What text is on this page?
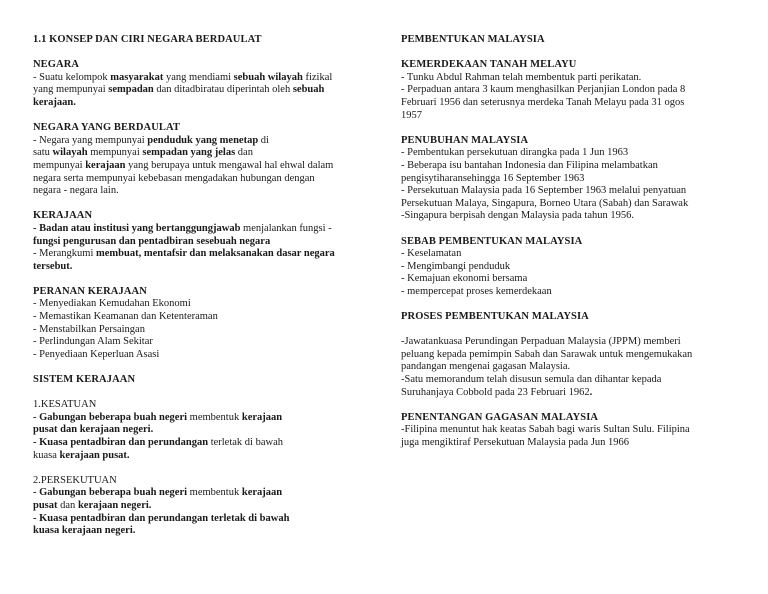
1.1 KONSEP DAN CIRI NEGARA BERDAULAT
NEGARA
- Suatu kelompok masyarakat yang mendiami sebuah wilayah fizikal
yang mempunyai sempadan dan ditadbiratau diperintah oleh sebuah
kerajaan.
NEGARA YANG BERDAULAT
- Negara yang mempunyai penduduk yang menetap di
satu wilayah mempunyai sempadan yang jelas dan
mempunyai kerajaan yang berupaya untuk mengawal hal ehwal dalam
negara serta mempunyai kebebasan mengadakan hubungan dengan
negara - negara lain.
KERAJAAN
- Badan atau institusi yang bertanggungjawab menjalankan fungsi -
fungsi pengurusan dan pentadbiran sesebuah negara
- Merangkumi membuat, mentafsir dan melaksanakan dasar negara
tersebut.
PERANAN KERAJAAN
- Menyediakan Kemudahan Ekonomi
- Memastikan Keamanan dan Ketenteraman
- Menstabilkan Persaingan
- Perlindungan Alam Sekitar
- Penyediaan Keperluan Asasi
SISTEM KERAJAAN
1.KESATUAN
- Gabungan beberapa buah negeri membentuk kerajaan
pusat dan kerajaan negeri.
- Kuasa pentadbiran dan perundangan terletak di bawah
kuasa kerajaan pusat.
2.PERSEKUTUAN
- Gabungan beberapa buah negeri membentuk kerajaan
pusat dan kerajaan negeri.
- Kuasa pentadbiran dan perundangan terletak di bawah
kuasa kerajaan negeri.
PEMBENTUKAN MALAYSIA
KEMERDEKAAN TANAH MELAYU
- Tunku Abdul Rahman telah membentuk parti perikatan.
- Perpaduan antara 3 kaum menghasilkan Perjanjian London pada 8
Februari 1956 dan seterusnya merdeka Tanah Melayu pada 31 ogos
1957
PENUBUHAN MALAYSIA
- Pembentukan persekutuan dirangka pada 1 Jun 1963
- Beberapa isu bantahan Indonesia dan Filipina melambatkan
pengisytiharansehingga 16 September 1963
- Persekutuan Malaysia pada 16 September 1963 melalui penyatuan
Persekutuan Malaya, Singapura, Borneo Utara (Sabah) dan Sarawak
-Singapura berpisah dengan Malaysia pada tahun 1956.
SEBAB PEMBENTUKAN MALAYSIA
- Keselamatan
- Mengimbangi penduduk
- Kemajuan ekonomi bersama
- mempercepat proses kemerdekaan
PROSES PEMBENTUKAN MALAYSIA
-Jawatankuasa Perundingan Perpaduan Malaysia (JPPM) memberi
peluang kepada pemimpin Sabah dan Sarawak untuk mengemukakan
pandangan mengenai gagasan Malaysia.
-Satu memorandum telah disusun semula dan dihantar kepada
Suruhanjaya Cobbold pada 23 Februari 1962.
PENENTANGAN GAGASAN MALAYSIA
-Filipina menuntut hak keatas Sabah bagi waris Sultan Sulu. Filipina
juga mengiktiraf Persekutuan Malaysia pada Jun 1966
